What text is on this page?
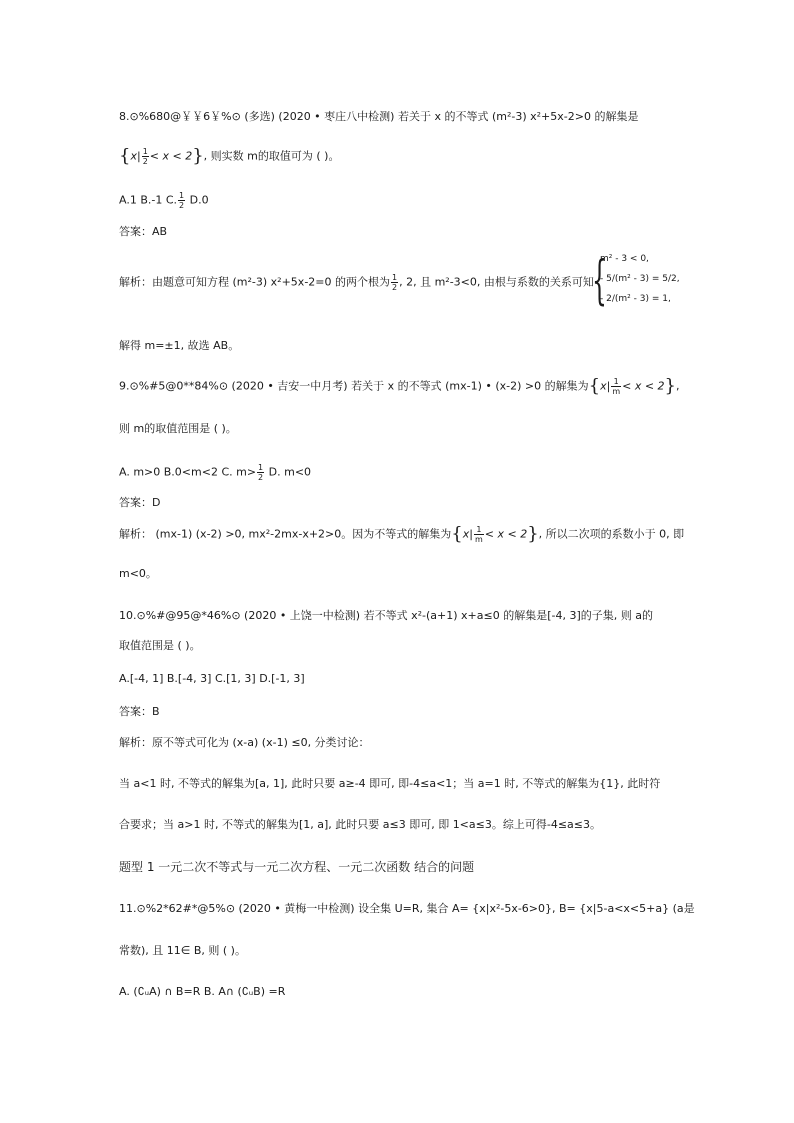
8.⊙%680@￥￥6￥%⊙ (多选) (2020 • 枣庄八中检测) 若关于 x 的不等式 (m²-3) x²+5x-2>0 的解集是
$\{x| \frac{1}{2} < x < 2\}$, 则实数 m的取值可为 ( )。
A.1 B.-1 C. $\frac{1}{2} D.0$
答案：AB
解析：由题意可知方程 (m²-3) x²+5x-2=0 的两个根为 $\frac{1}{2}$ , 2, 且 m²-3<0, 由根与系数的关系可知
{
m² - 3 < 0,
- 5/(m² - 3) = 5/2,
- 2/(m² - 3) = 1,
解得 m=±1, 故选 AB。
9.⊙%#5@0**84%⊙ (2020 • 吉安一中月考) 若关于 x 的不等式 (mx-1) • (x-2) >0 的解集为$\{x| \frac{1}{m} < x < 2\}$,
则 m的取值范围是 ( )。
A. m>0 B.0<m<2 C. $m> \frac{1}{2} D$. m<0
答案：D
解析： (mx-1) (x-2) >0, mx²-2mx-x+2>0。因为不等式的解集为$\{x| \frac{1}{m} < x < 2\}$, 所以二次项的系数小于 0, 即
m<0。
10.⊙%#@95@*46%⊙ (2020 • 上饶一中检测) 若不等式 x²-(a+1) x+a≤0 的解集是[-4, 3]的子集, 则 a的
取值范围是 ( )。
A.[-4, 1] B.[-4, 3] C.[1, 3] D.[-1, 3]
答案：B
解析：原不等式可化为 (x-a) (x-1) ≤0, 分类讨论：
当 a<1 时, 不等式的解集为[a, 1], 此时只要 a≥-4 即可, 即-4≤a<1；当 a=1 时, 不等式的解集为{1}, 此时符
合要求；当 a>1 时, 不等式的解集为[1, a], 此时只要 a≤3 即可, 即 1<a≤3。综上可得-4≤a≤3。
题型 1 一元二次不等式与一元二次方程、一元二次函数 结合的问题
11.⊙%2*62#*@5%⊙ (2020 • 黄梅一中检测) 设全集 U=R, 集合 A= {x|x²-5x-6>0}, B= {x|5-a<x<5+a} (a是
常数), 且 11∈ B, 则 ( )。
A. (∁ᵤA) ∩ B=R B. A∩ (∁ᵤB) =R
